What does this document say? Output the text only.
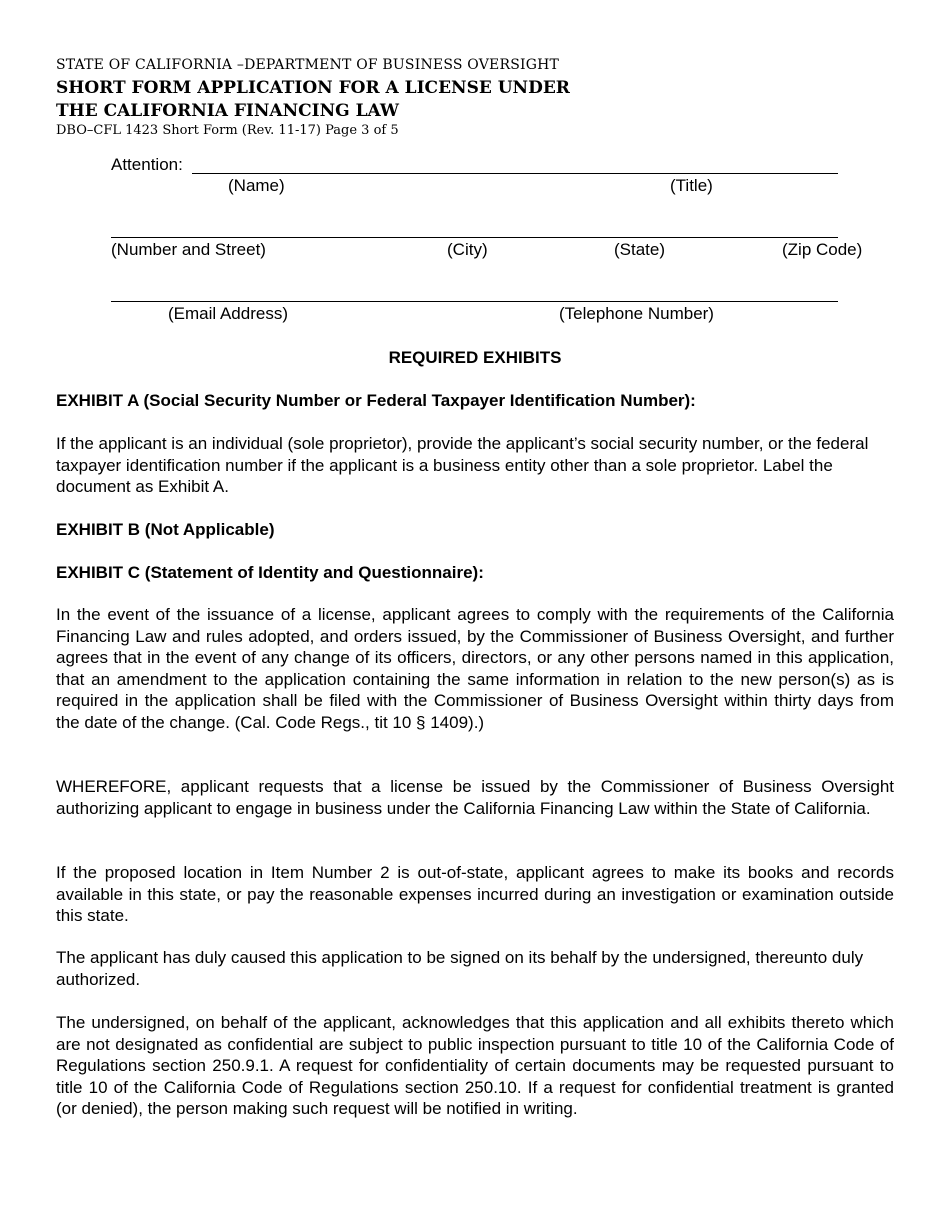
STATE OF CALIFORNIA –DEPARTMENT OF BUSINESS OVERSIGHT
SHORT FORM APPLICATION FOR A LICENSE UNDER
THE CALIFORNIA FINANCING LAW
DBO–CFL 1423 Short Form (Rev. 11-17) Page 3 of 5
Attention:
(Name)	(Title)
(Number and Street)	(City)	(State)	(Zip Code)
(Email Address)	(Telephone Number)
REQUIRED EXHIBITS
EXHIBIT A (Social Security Number or Federal Taxpayer Identification Number):
If the applicant is an individual (sole proprietor), provide the applicant’s social security number, or the federal taxpayer identification number if the applicant is a business entity other than a sole proprietor. Label the document as Exhibit A.
EXHIBIT B (Not Applicable)
EXHIBIT C (Statement of Identity and Questionnaire):
In the event of the issuance of a license, applicant agrees to comply with the requirements of the California Financing Law and rules adopted, and orders issued, by the Commissioner of Business Oversight, and further agrees that in the event of any change of its officers, directors, or any other persons named in this application, that an amendment to the application containing the same information in relation to the new person(s) as is required in the application shall be filed with the Commissioner of Business Oversight within thirty days from the date of the change. (Cal. Code Regs., tit 10 § 1409).)
WHEREFORE, applicant requests that a license be issued by the Commissioner of Business Oversight authorizing applicant to engage in business under the California Financing Law within the State of California.
If the proposed location in Item Number 2 is out-of-state, applicant agrees to make its books and records available in this state, or pay the reasonable expenses incurred during an investigation or examination outside this state.
The applicant has duly caused this application to be signed on its behalf by the undersigned, thereunto duly authorized.
The undersigned, on behalf of the applicant, acknowledges that this application and all exhibits thereto which are not designated as confidential are subject to public inspection pursuant to title 10 of the California Code of Regulations section 250.9.1. A request for confidentiality of certain documents may be requested pursuant to title 10 of the California Code of Regulations section 250.10. If a request for confidential treatment is granted (or denied), the person making such request will be notified in writing.
